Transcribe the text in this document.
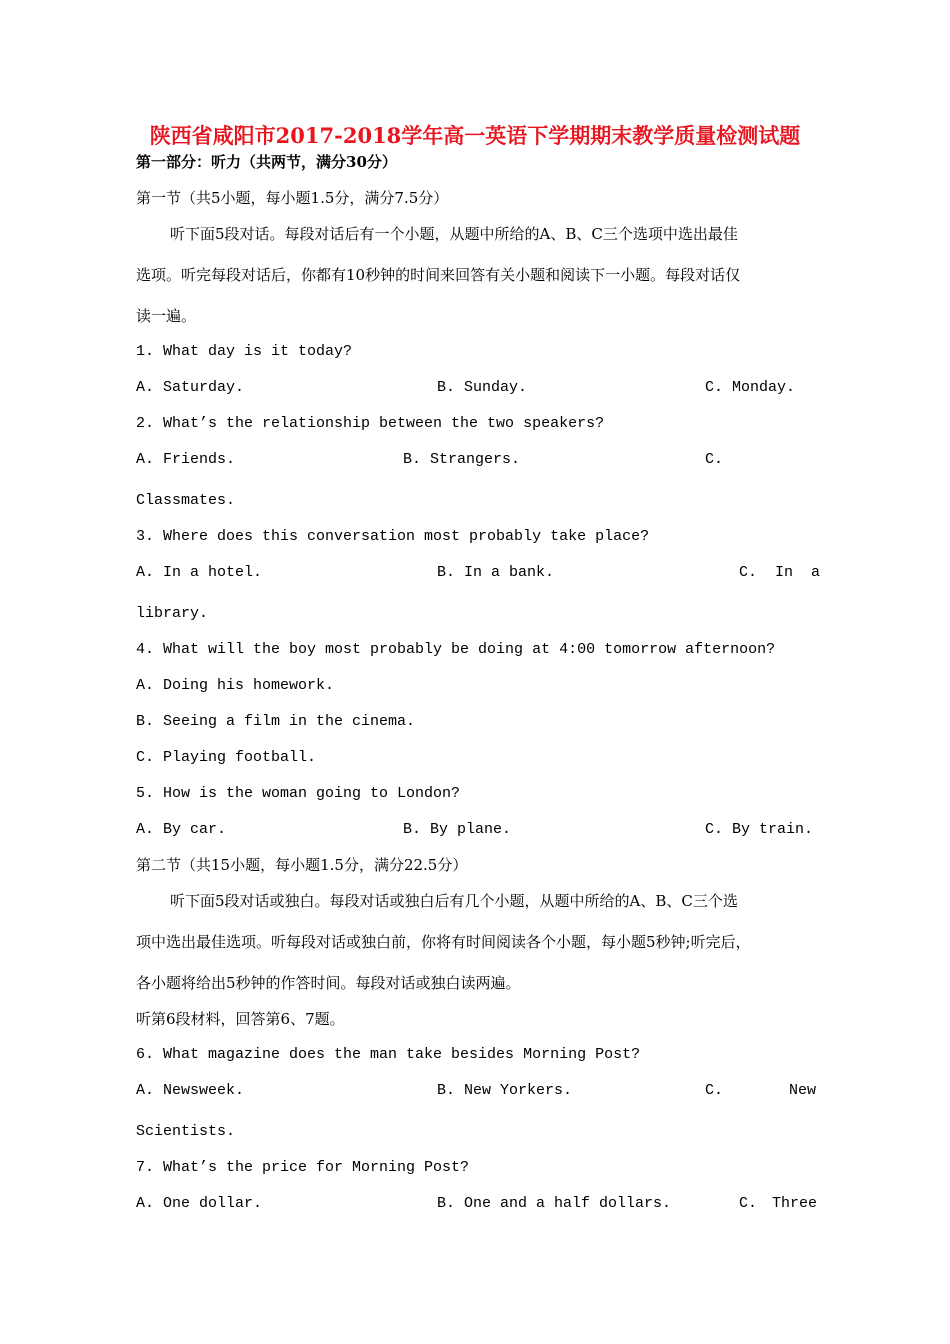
陕西省咸阳市2017-2018学年高一英语下学期期末教学质量检测试题
第一部分：听力（共两节，满分30分）
第一节（共5小题，每小题1.5分，满分7.5分）
听下面5段对话。每段对话后有一个小题，从题中所给的A、B、C三个选项中选出最佳
选项。听完每段对话后，你都有10秒钟的时间来回答有关小题和阅读下一小题。每段对话仅
读一遍。
1. What day is it today?
A. Saturday.	B. Sunday.	C. Monday.
2. What’s the relationship between the two speakers?
A. Friends.	B. Strangers.	C.
Classmates.
3. Where does this conversation most probably take place?
A. In a hotel.	B. In a bank.	C.  In  a
library.
4. What will the boy most probably be doing at 4:00 tomorrow afternoon?
A. Doing his homework.
B. Seeing a film in the cinema.
C. Playing football.
5. How is the woman going to London?
A. By car.	B. By plane.	C. By train.
第二节（共15小题，每小题1.5分，满分22.5分）
听下面5段对话或独白。每段对话或独白后有几个小题，从题中所给的A、B、C三个选
项中选出最佳选项。听每段对话或独白前，你将有时间阅读各个小题，每小题5秒钟;听完后，
各小题将给出5秒钟的作答时间。每段对话或独白读两遍。
听第6段材料，回答第6、7题。
6. What magazine does the man take besides Morning Post?
A. Newsweek.	B. New Yorkers.	C.	New
Scientists.
7. What’s the price for Morning Post?
A. One dollar.	B. One and a half dollars.	C. Three
